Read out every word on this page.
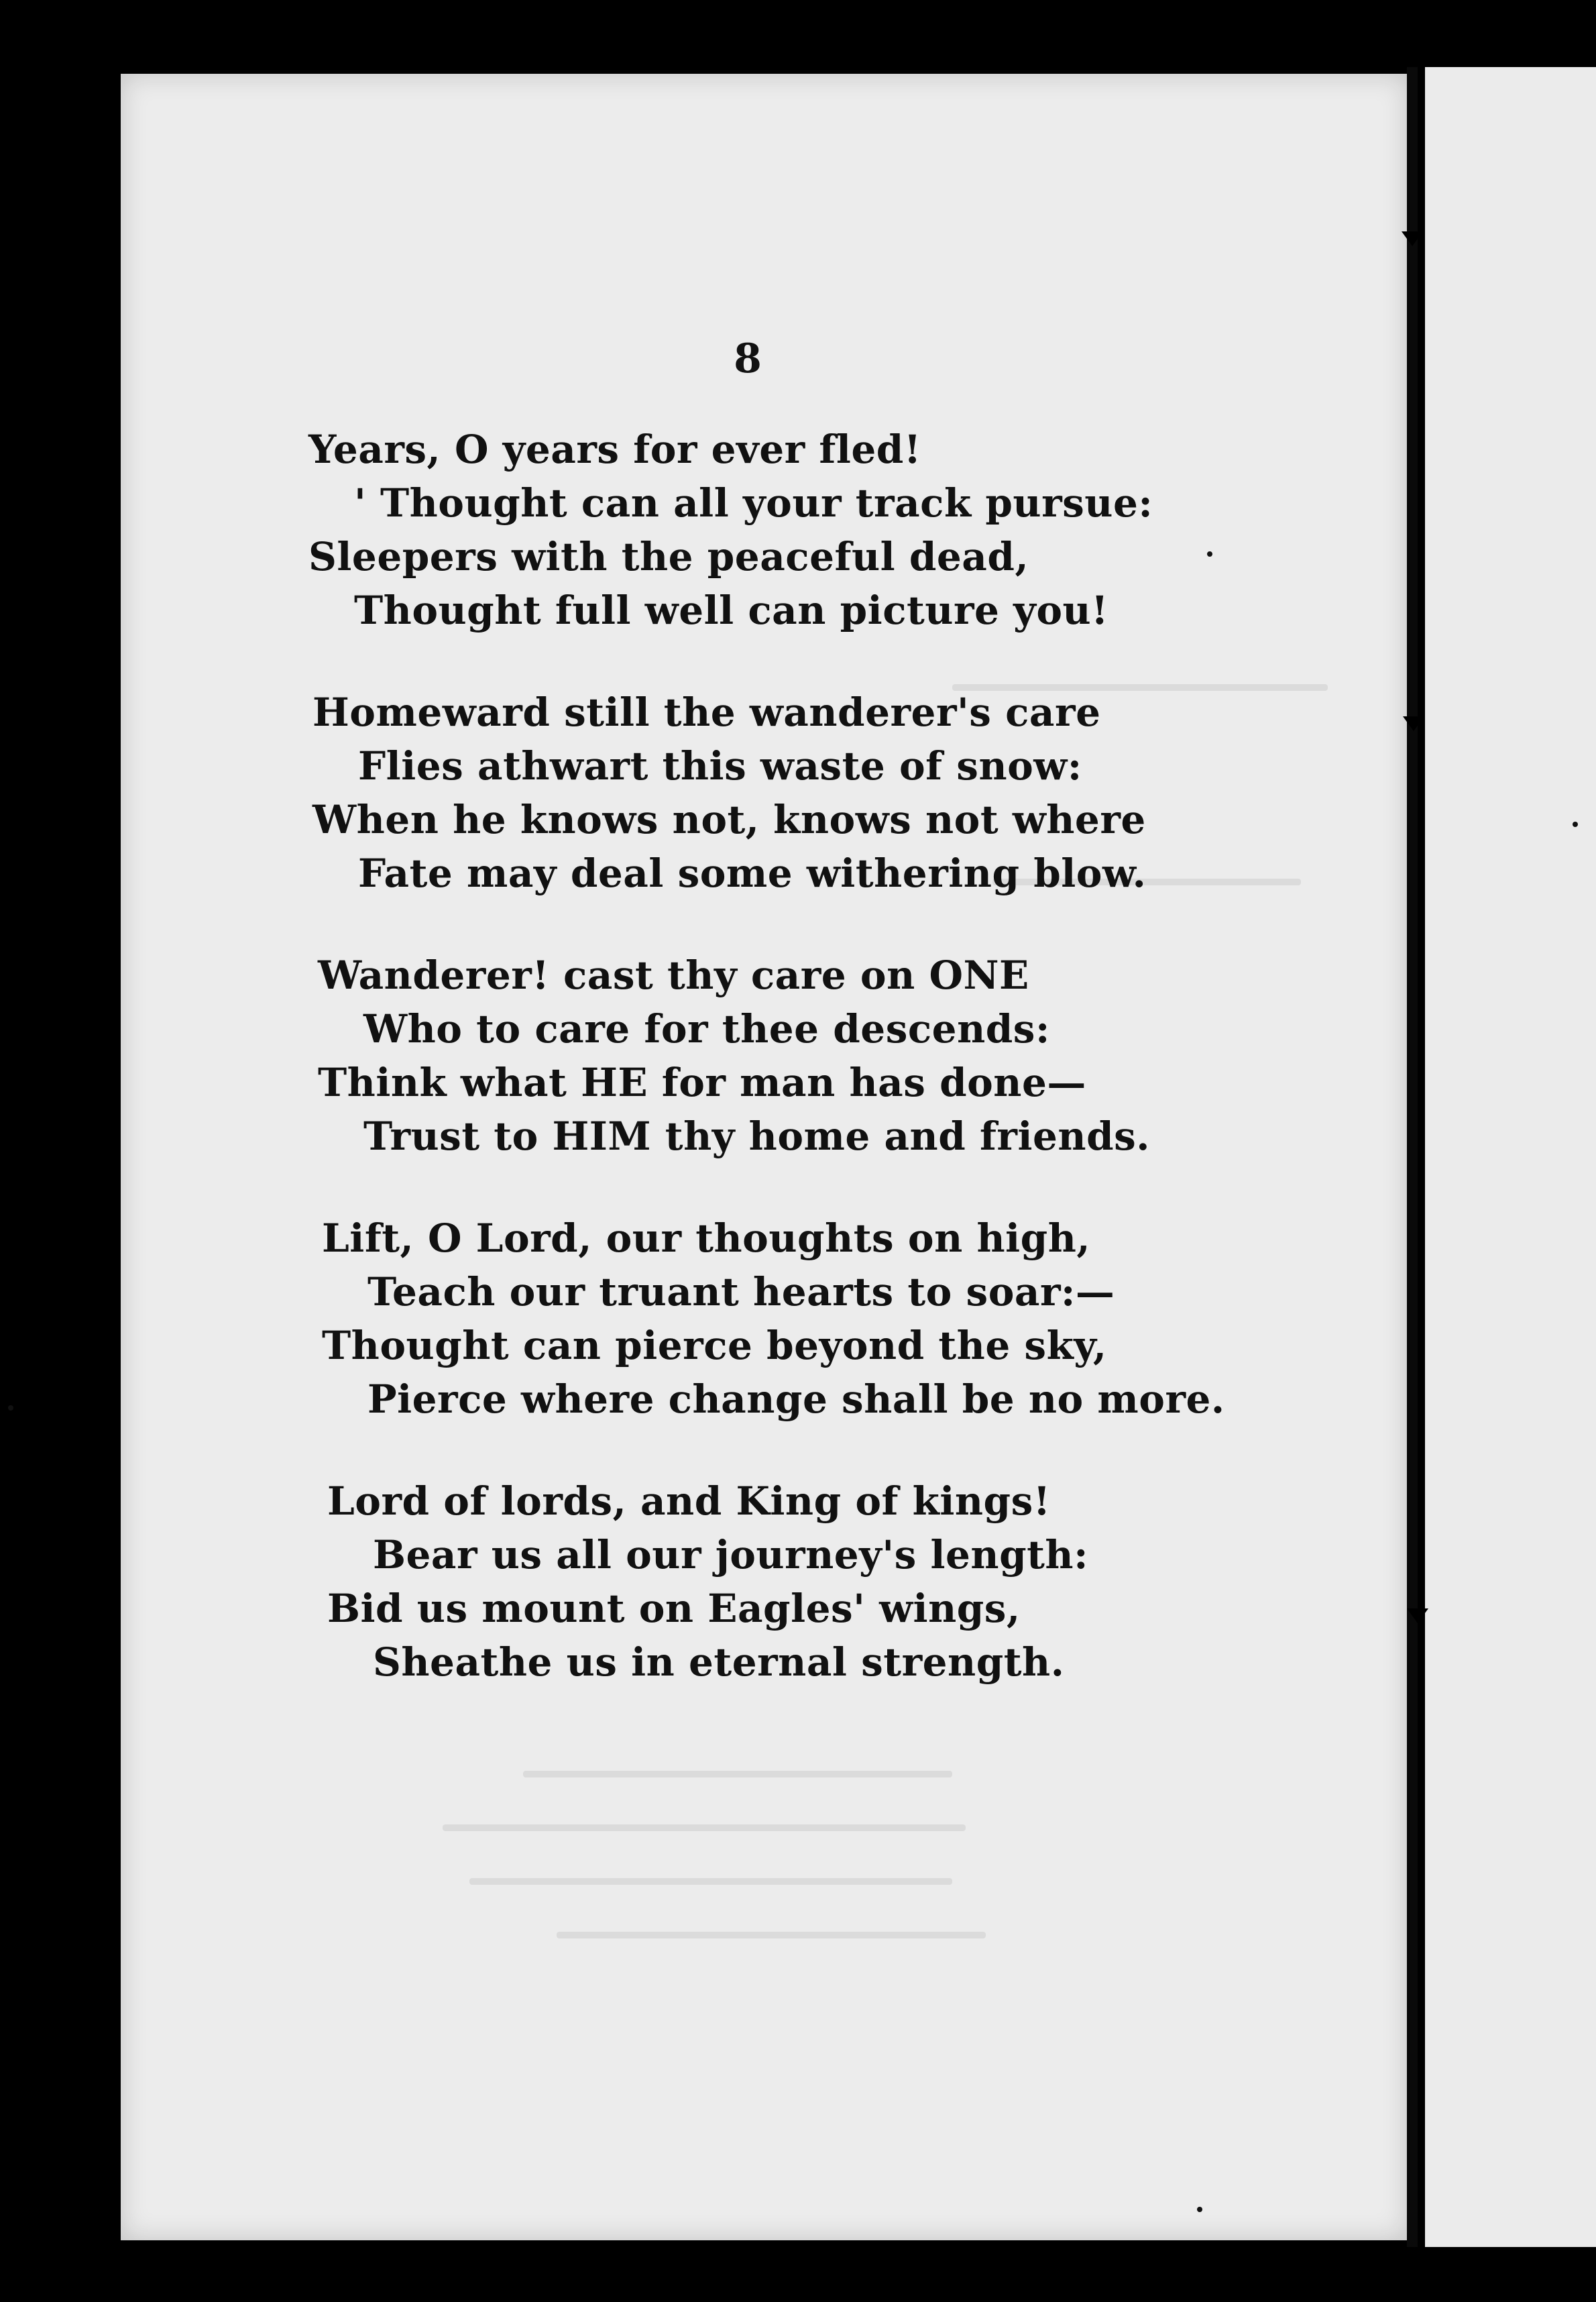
8
Years, O years for ever fled!
' Thought can all your track pursue:
Sleepers with the peaceful dead,
Thought full well can picture you!
Homeward still the wanderer's care
Flies athwart this waste of snow:
When he knows not, knows not where
Fate may deal some withering blow.
Wanderer! cast thy care on ONE
Who to care for thee descends:
Think what HE for man has done—
Trust to HIM thy home and friends.
Lift, O Lord, our thoughts on high,
Teach our truant hearts to soar:—
Thought can pierce beyond the sky,
Pierce where change shall be no more.
Lord of lords, and King of kings!
Bear us all our journey's length:
Bid us mount on Eagles' wings,
Sheathe us in eternal strength.
